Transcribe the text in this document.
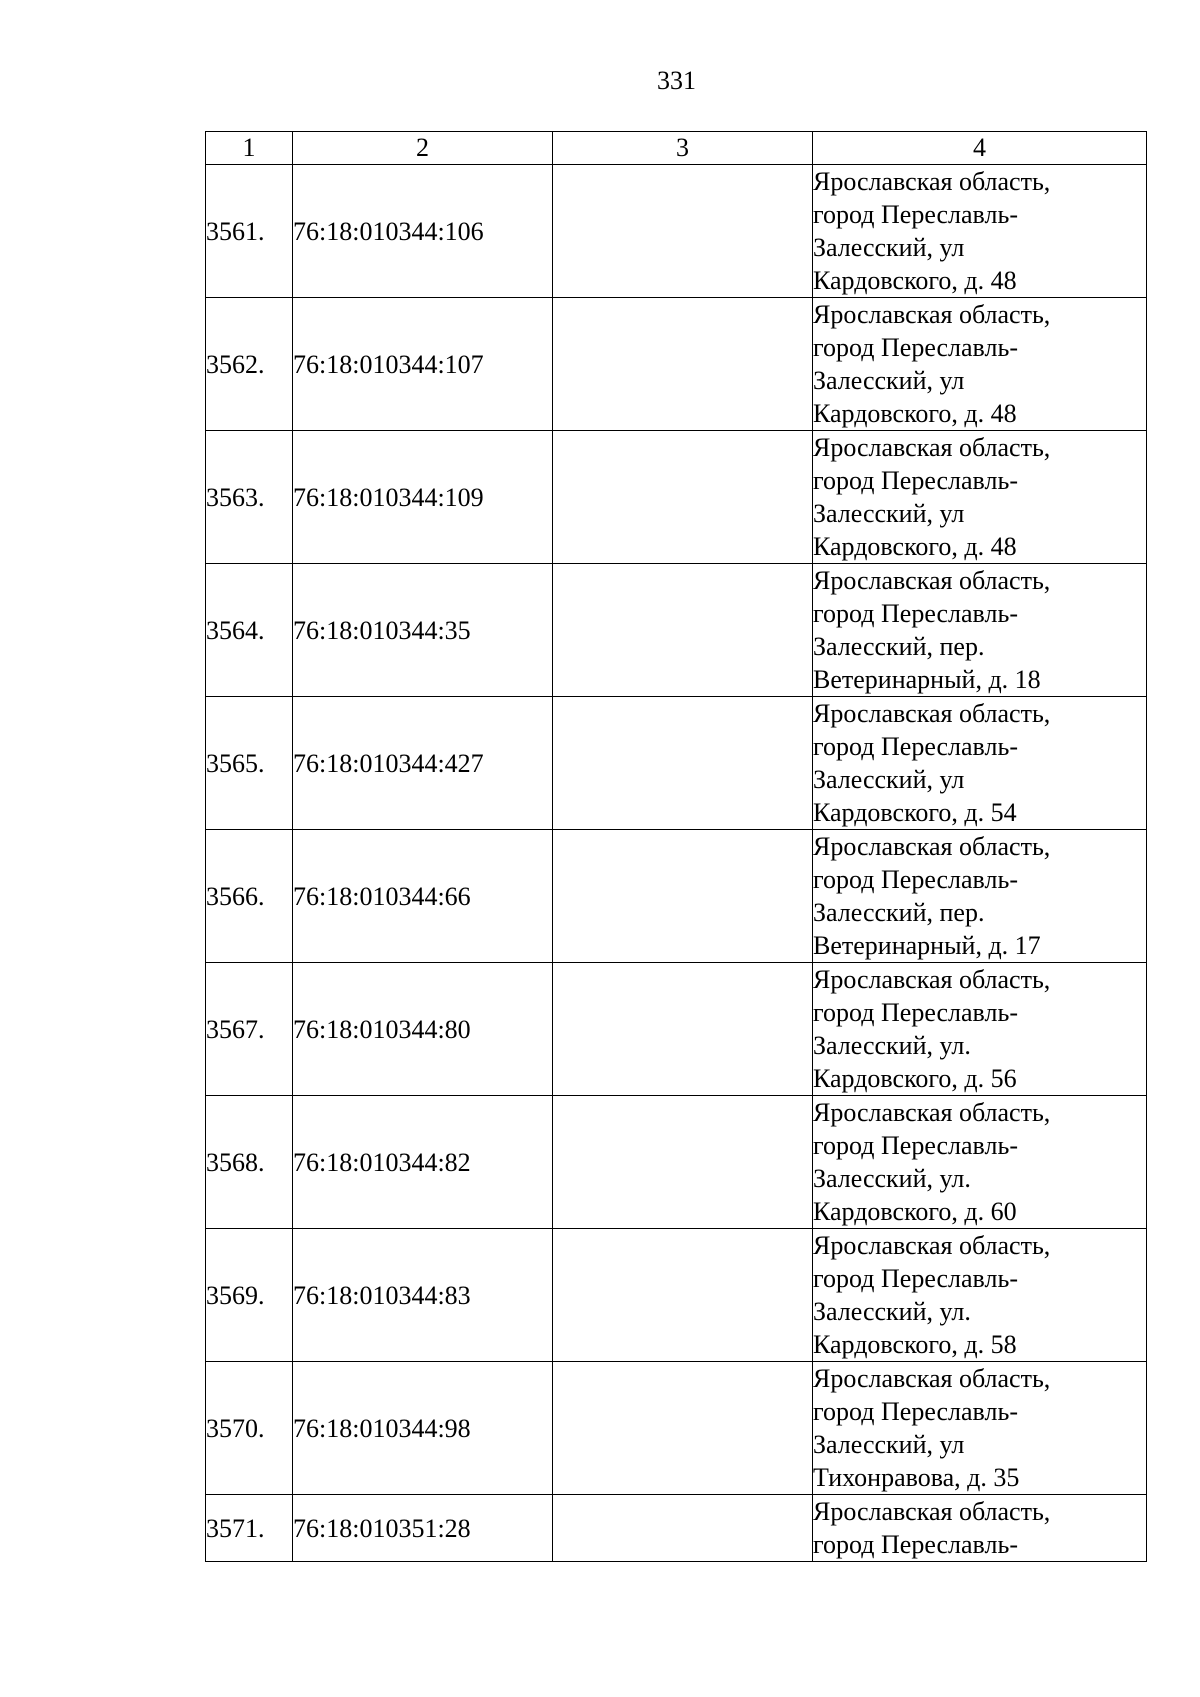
331
1	2	3	4
3561.	76:18:010344:106		Ярославская область,
город Переславль-
Залесский, ул
Кардовского, д. 48
3562.	76:18:010344:107		Ярославская область,
город Переславль-
Залесский, ул
Кардовского, д. 48
3563.	76:18:010344:109		Ярославская область,
город Переславль-
Залесский, ул
Кардовского, д. 48
3564.	76:18:010344:35		Ярославская область,
город Переславль-
Залесский, пер.
Ветеринарный, д. 18
3565.	76:18:010344:427		Ярославская область,
город Переславль-
Залесский, ул
Кардовского, д. 54
3566.	76:18:010344:66		Ярославская область,
город Переславль-
Залесский, пер.
Ветеринарный, д. 17
3567.	76:18:010344:80		Ярославская область,
город Переславль-
Залесский, ул.
Кардовского, д. 56
3568.	76:18:010344:82		Ярославская область,
город Переславль-
Залесский, ул.
Кардовского, д. 60
3569.	76:18:010344:83		Ярославская область,
город Переславль-
Залесский, ул.
Кардовского, д. 58
3570.	76:18:010344:98		Ярославская область,
город Переславль-
Залесский, ул
Тихонравова, д. 35
3571.	76:18:010351:28		Ярославская область,
город Переславль-
